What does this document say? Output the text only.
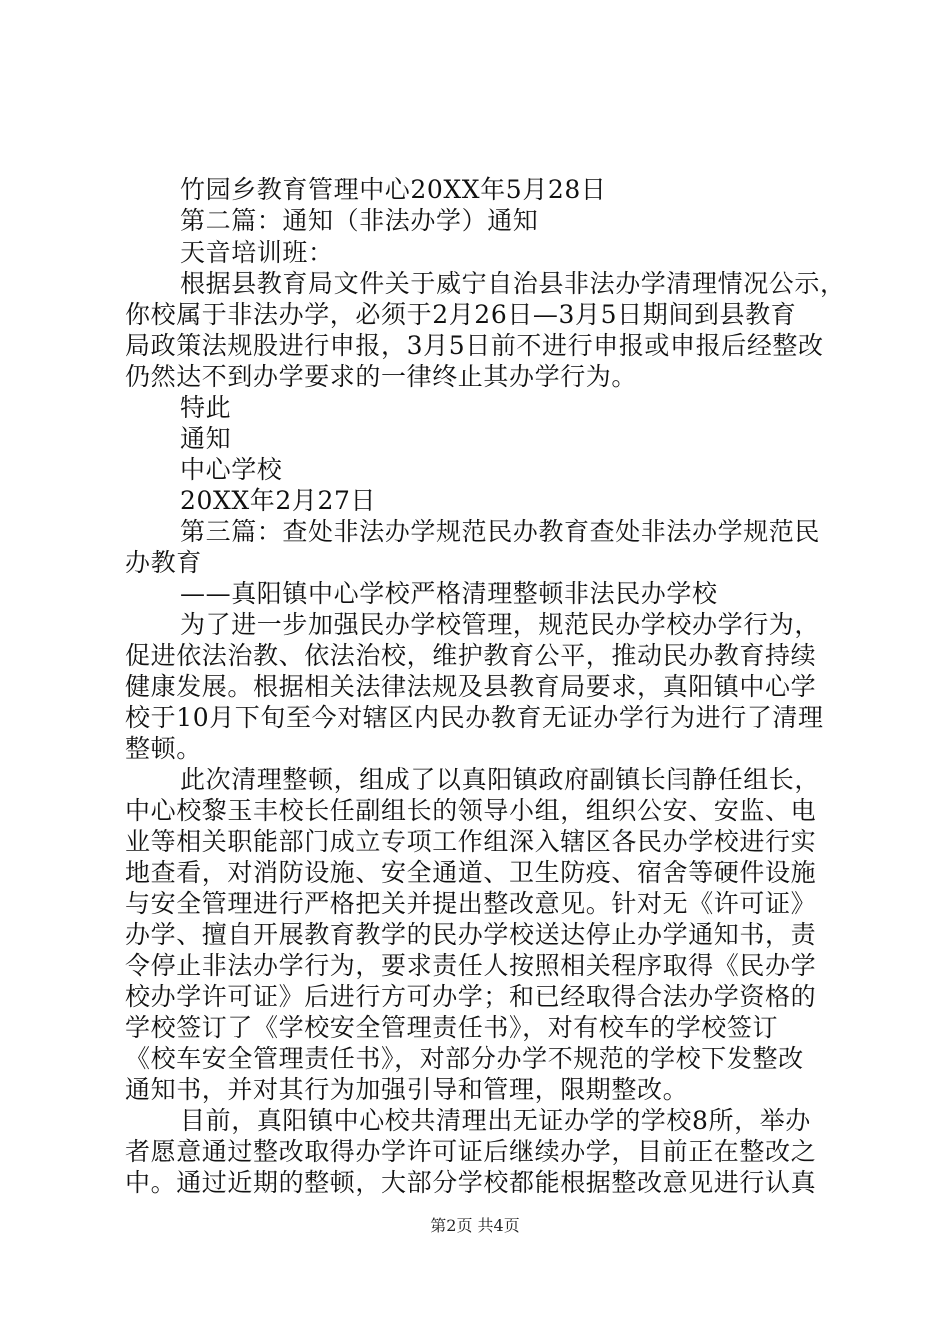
竹园乡教育管理中心20XX年5月28日
第二篇：通知（非法办学）通知
天音培训班：
根据县教育局文件关于威宁自治县非法办学清理情况公示，
你校属于非法办学，必须于2月26日—3月5日期间到县教育
局政策法规股进行申报，3月5日前不进行申报或申报后经整改
仍然达不到办学要求的一律终止其办学行为。
特此
通知
中心学校
20XX年2月27日
第三篇：查处非法办学规范民办教育查处非法办学规范民
办教育
——真阳镇中心学校严格清理整顿非法民办学校
为了进一步加强民办学校管理，规范民办学校办学行为，
促进依法治教、依法治校，维护教育公平，推动民办教育持续
健康发展。根据相关法律法规及县教育局要求，真阳镇中心学
校于10月下旬至今对辖区内民办教育无证办学行为进行了清理
整顿。
此次清理整顿，组成了以真阳镇政府副镇长闫静任组长，
中心校黎玉丰校长任副组长的领导小组，组织公安、安监、电
业等相关职能部门成立专项工作组深入辖区各民办学校进行实
地查看，对消防设施、安全通道、卫生防疫、宿舍等硬件设施
与安全管理进行严格把关并提出整改意见。针对无《许可证》
办学、擅自开展教育教学的民办学校送达停止办学通知书，责
令停止非法办学行为，要求责任人按照相关程序取得《民办学
校办学许可证》后进行方可办学；和已经取得合法办学资格的
学校签订了《学校安全管理责任书》，对有校车的学校签订
《校车安全管理责任书》，对部分办学不规范的学校下发整改
通知书，并对其行为加强引导和管理，限期整改。
目前，真阳镇中心校共清理出无证办学的学校8所，举办
者愿意通过整改取得办学许可证后继续办学，目前正在整改之
中。通过近期的整顿，大部分学校都能根据整改意见进行认真
第2页 共4页
